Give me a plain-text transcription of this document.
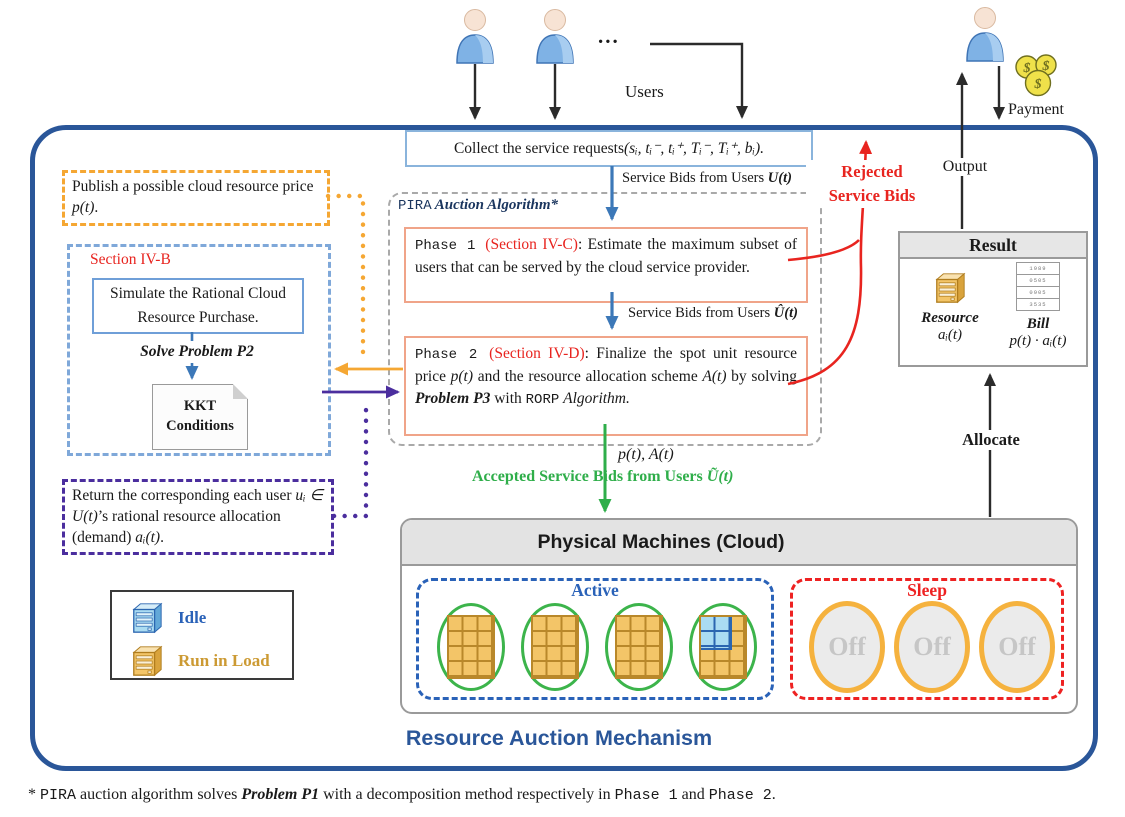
...
Users
$ $
$
Payment
Output
Collect the service requests (sᵢ, tᵢ⁻, tᵢ⁺, Tᵢ⁻, Tᵢ⁺, bᵢ).
Service Bids from Users U(t)
PIRA Auction Algorithm*
Phase 1 (Section IV-C): Estimate the maximum subset of users that can be served by the cloud service provider.
Service Bids from Users Û(t)
Phase 2 (Section IV-D): Finalize the spot unit resource price p(t) and the resource allocation scheme A(t) by solving Problem P3 with RORP Algorithm.
p(t), A(t)
Accepted Service Bids from Users Ũ(t)
Rejected
Service Bids
Publish a possible cloud resource price p(t).
Section IV-B
Simulate the Rational Cloud Resource Purchase.
Solve Problem P2
KKT
Conditions
Return the corresponding each user uᵢ ∈ U(t)’s rational resource allocation (demand) aᵢ(t).
Idle
Run in Load
Result
Resource
aᵢ(t)
1989
0505
0905
3535
Bill
p(t) · aᵢ(t)
Allocate
Physical Machines (Cloud)
Active	Sleep
Off Off Off
Resource Auction Mechanism
* PIRA auction algorithm solves Problem P1 with a decomposition method respectively in Phase 1 and Phase 2.
